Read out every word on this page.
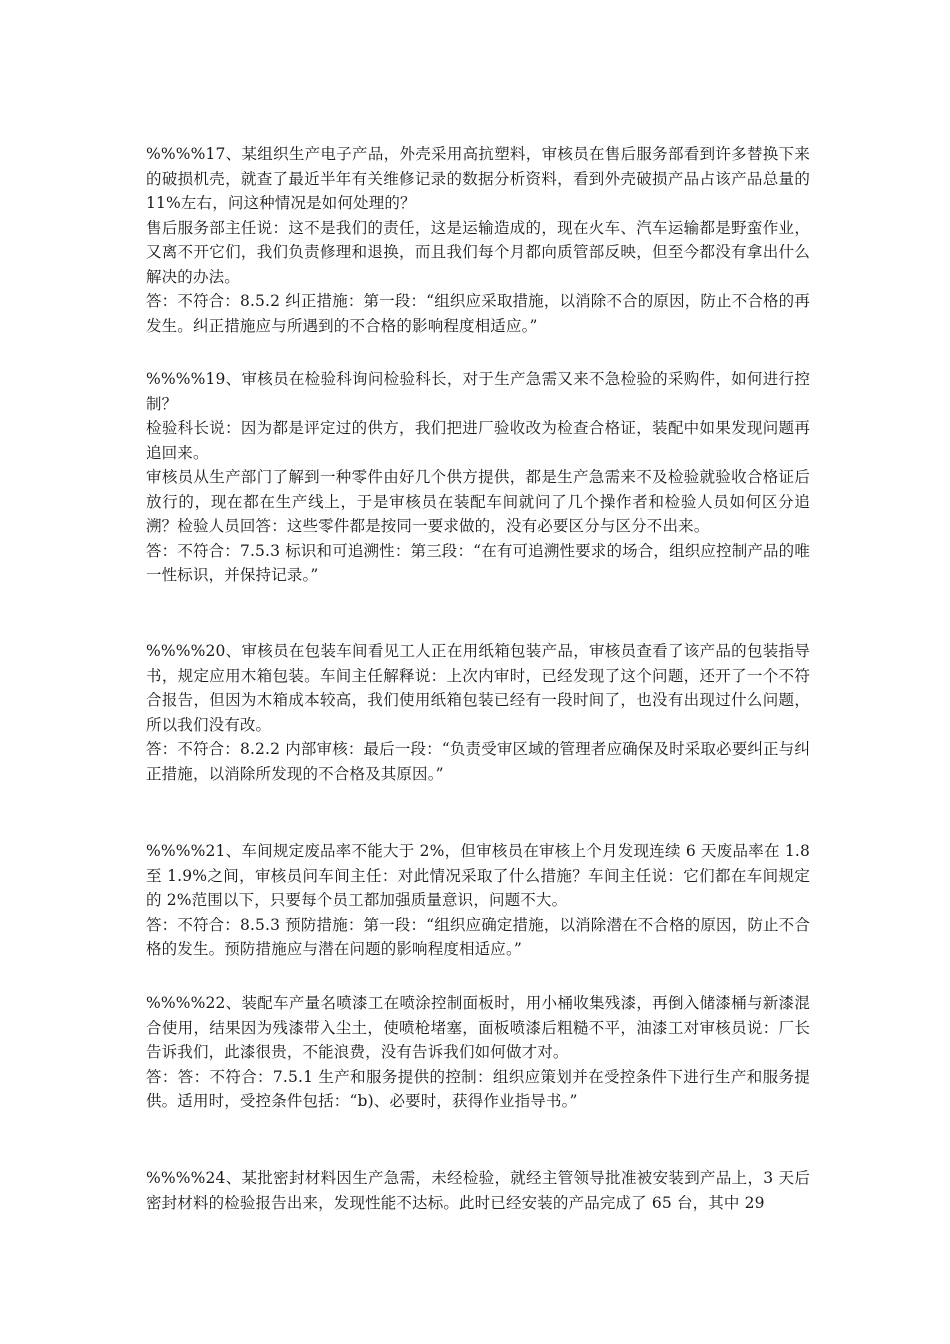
%%%%17、某组织生产电子产品，外壳采用高抗塑料，审核员在售后服务部看到许多替换下来的破损机壳，就查了最近半年有关维修记录的数据分析资料，看到外壳破损产品占该产品总量的 11%左右，问这种情况是如何处理的？

售后服务部主任说：这不是我们的责任，这是运输造成的，现在火车、汽车运输都是野蛮作业，又离不开它们，我们负责修理和退换，而且我们每个月都向质管部反映，但至今都没有拿出什么解决的办法。

答：不符合：8.5.2 纠正措施：第一段：“组织应采取措施，以消除不合的原因，防止不合格的再发生。纠正措施应与所遇到的不合格的影响程度相适应。”

%%%%19、审核员在检验科询问检验科长，对于生产急需又来不急检验的采购件，如何进行控制？

检验科长说：因为都是评定过的供方，我们把进厂验收改为检查合格证，装配中如果发现问题再追回来。

审核员从生产部门了解到一种零件由好几个供方提供，都是生产急需来不及检验就验收合格证后放行的，现在都在生产线上，于是审核员在装配车间就问了几个操作者和检验人员如何区分追溯？检验人员回答：这些零件都是按同一要求做的，没有必要区分与区分不出来。

答：不符合：7.5.3 标识和可追溯性：第三段：“在有可追溯性要求的场合，组织应控制产品的唯一性标识，并保持记录。”

%%%%20、审核员在包装车间看见工人正在用纸箱包装产品，审核员查看了该产品的包装指导书，规定应用木箱包装。车间主任解释说：上次内审时，已经发现了这个问题，还开了一个不符合报告，但因为木箱成本较高，我们使用纸箱包装已经有一段时间了，也没有出现过什么问题，所以我们没有改。

答：不符合：8.2.2 内部审核：最后一段：“负责受审区域的管理者应确保及时采取必要纠正与纠正措施，以消除所发现的不合格及其原因。”

%%%%21、车间规定废品率不能大于 2%，但审核员在审核上个月发现连续 6 天废品率在 1.8 至 1.9%之间，审核员问车间主任：对此情况采取了什么措施？车间主任说：它们都在车间规定的 2%范围以下，只要每个员工都加强质量意识，问题不大。

答：不符合：8.5.3 预防措施：第一段：“组织应确定措施，以消除潜在不合格的原因，防止不合格的发生。预防措施应与潜在问题的影响程度相适应。”

%%%%22、装配车产量名喷漆工在喷涂控制面板时，用小桶收集残漆，再倒入储漆桶与新漆混合使用，结果因为残漆带入尘土，使喷枪堵塞，面板喷漆后粗糙不平，油漆工对审核员说：厂长告诉我们，此漆很贵，不能浪费，没有告诉我们如何做才对。

答：答：不符合：7.5.1 生产和服务提供的控制：组织应策划并在受控条件下进行生产和服务提供。适用时，受控条件包括：“b)、必要时，获得作业指导书。”

%%%%24、某批密封材料因生产急需，未经检验，就经主管领导批准被安装到产品上，3 天后密封材料的检验报告出来，发现性能不达标。此时已经安装的产品完成了 65 台，其中 29
